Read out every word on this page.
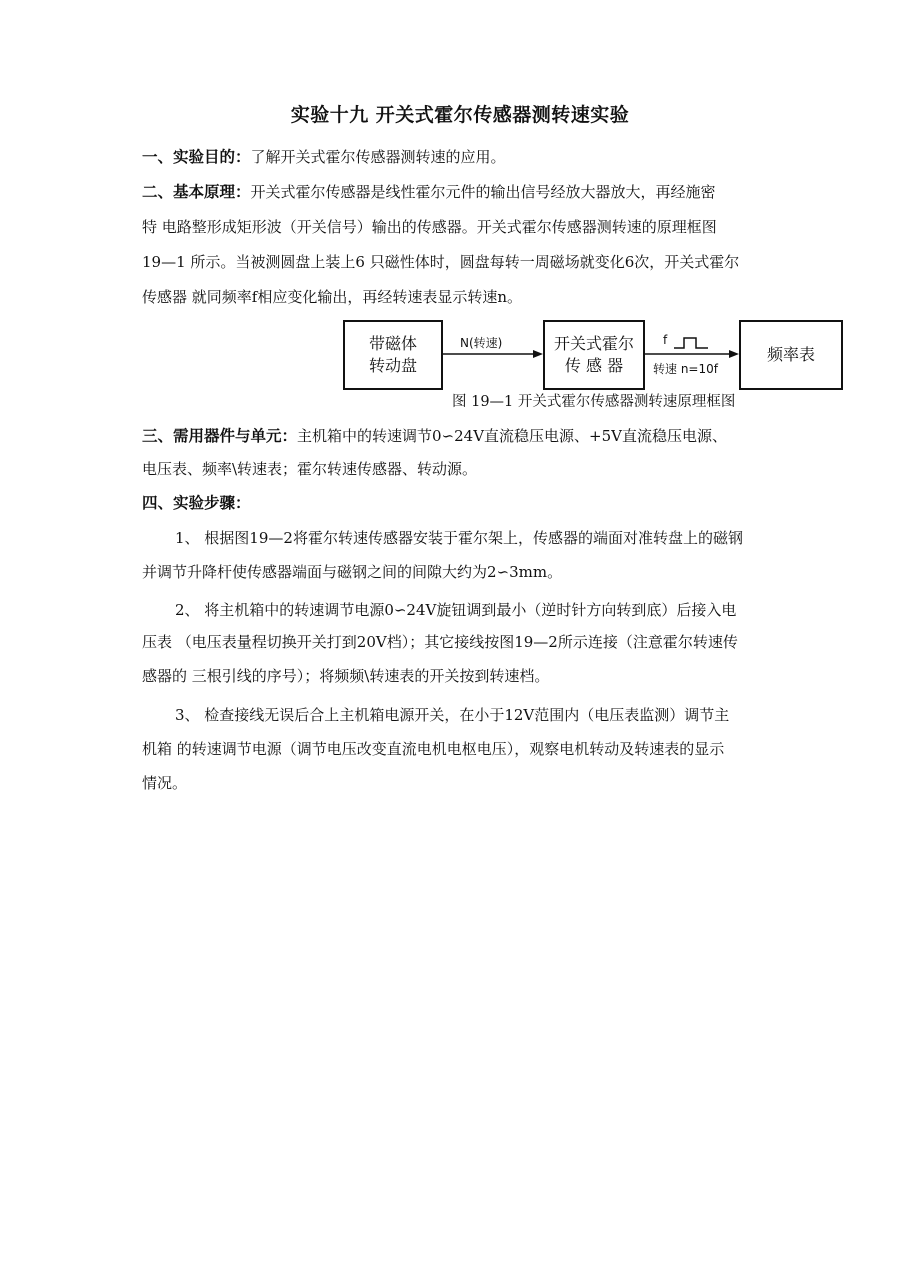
实验十九 开关式霍尔传感器测转速实验
一、实验目的：了解开关式霍尔传感器测转速的应用。
二、基本原理：开关式霍尔传感器是线性霍尔元件的输出信号经放大器放大，再经施密
特 电路整形成矩形波（开关信号）输出的传感器。开关式霍尔传感器测转速的原理框图
19—1 所示。当被测圆盘上装上6 只磁性体时，圆盘每转一周磁场就变化6次，开关式霍尔
传感器 就同频率f相应变化输出，再经转速表显示转速n。
带磁体
转动盘
N(转速)	开关式霍尔
传 感 器
f
转速 n=10f
频率表
图 19—1 开关式霍尔传感器测转速原理框图
三、需用器件与单元：主机箱中的转速调节0∽24V直流稳压电源、+5V直流稳压电源、
电压表、频率\转速表；霍尔转速传感器、转动源。
四、实验步骤：
1、 根据图19—2将霍尔转速传感器安装于霍尔架上，传感器的端面对准转盘上的磁钢
并调节升降杆使传感器端面与磁钢之间的间隙大约为2∽3mm。
2、 将主机箱中的转速调节电源0∽24V旋钮调到最小（逆时针方向转到底）后接入电
压表 （电压表量程切换开关打到20V档）；其它接线按图19—2所示连接（注意霍尔转速传
感器的 三根引线的序号）；将频频\转速表的开关按到转速档。
3、 检查接线无误后合上主机箱电源开关，在小于12V范围内（电压表监测）调节主
机箱 的转速调节电源（调节电压改变直流电机电枢电压），观察电机转动及转速表的显示
情况。
